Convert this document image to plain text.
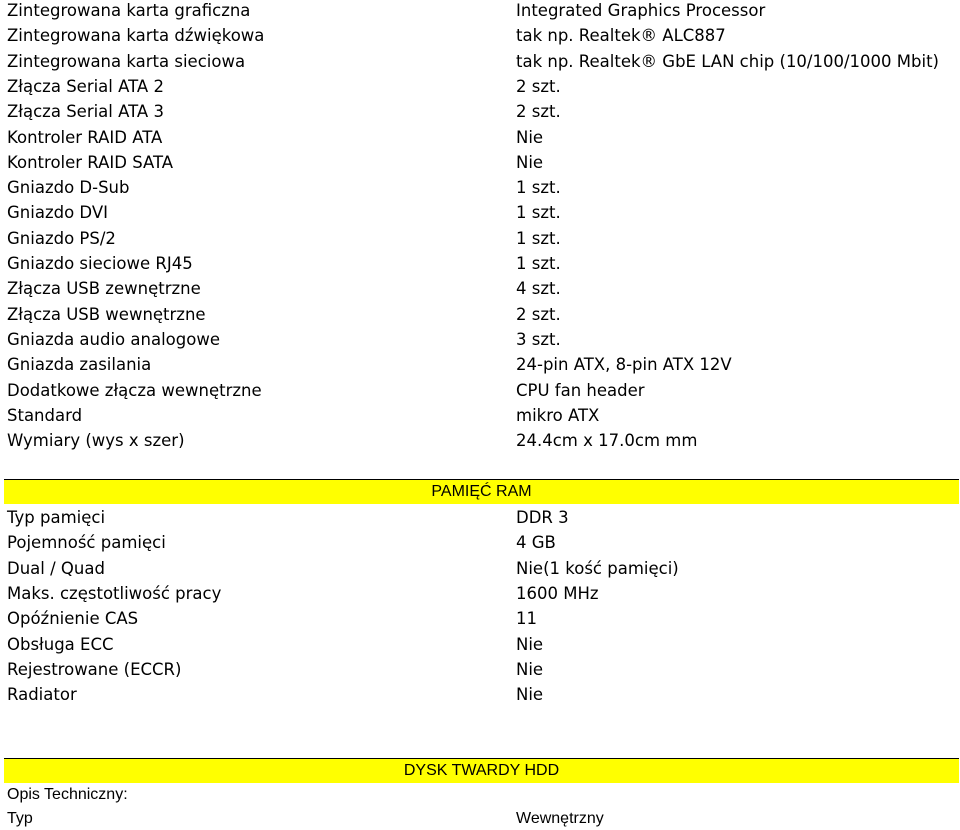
Zintegrowana karta graficzna	Integrated Graphics Processor
Zintegrowana karta dźwiękowa	tak np. Realtek® ALC887
Zintegrowana karta sieciowa	tak np. Realtek® GbE LAN chip (10/100/1000 Mbit)
Złącza Serial ATA 2	2 szt.
Złącza Serial ATA 3	2 szt.
Kontroler RAID ATA	Nie
Kontroler RAID SATA	Nie
Gniazdo D-Sub	1 szt.
Gniazdo DVI	1 szt.
Gniazdo PS/2	1 szt.
Gniazdo sieciowe RJ45	1 szt.
Złącza USB zewnętrzne	4 szt.
Złącza USB wewnętrzne	2 szt.
Gniazda audio analogowe	3 szt.
Gniazda zasilania	24-pin ATX, 8-pin ATX 12V
Dodatkowe złącza wewnętrzne	CPU fan header
Standard	mikro ATX
Wymiary (wys x szer)	24.4cm x 17.0cm mm
PAMIĘĆ RAM
Typ pamięci	DDR 3
Pojemność pamięci	4 GB
Dual / Quad	Nie(1 kość pamięci)
Maks. częstotliwość pracy	1600 MHz
Opóźnienie CAS	11
Obsługa ECC	Nie
Rejestrowane (ECCR)	Nie
Radiator	Nie
DYSK TWARDY HDD
Opis Techniczny:
Typ	Wewnętrzny
